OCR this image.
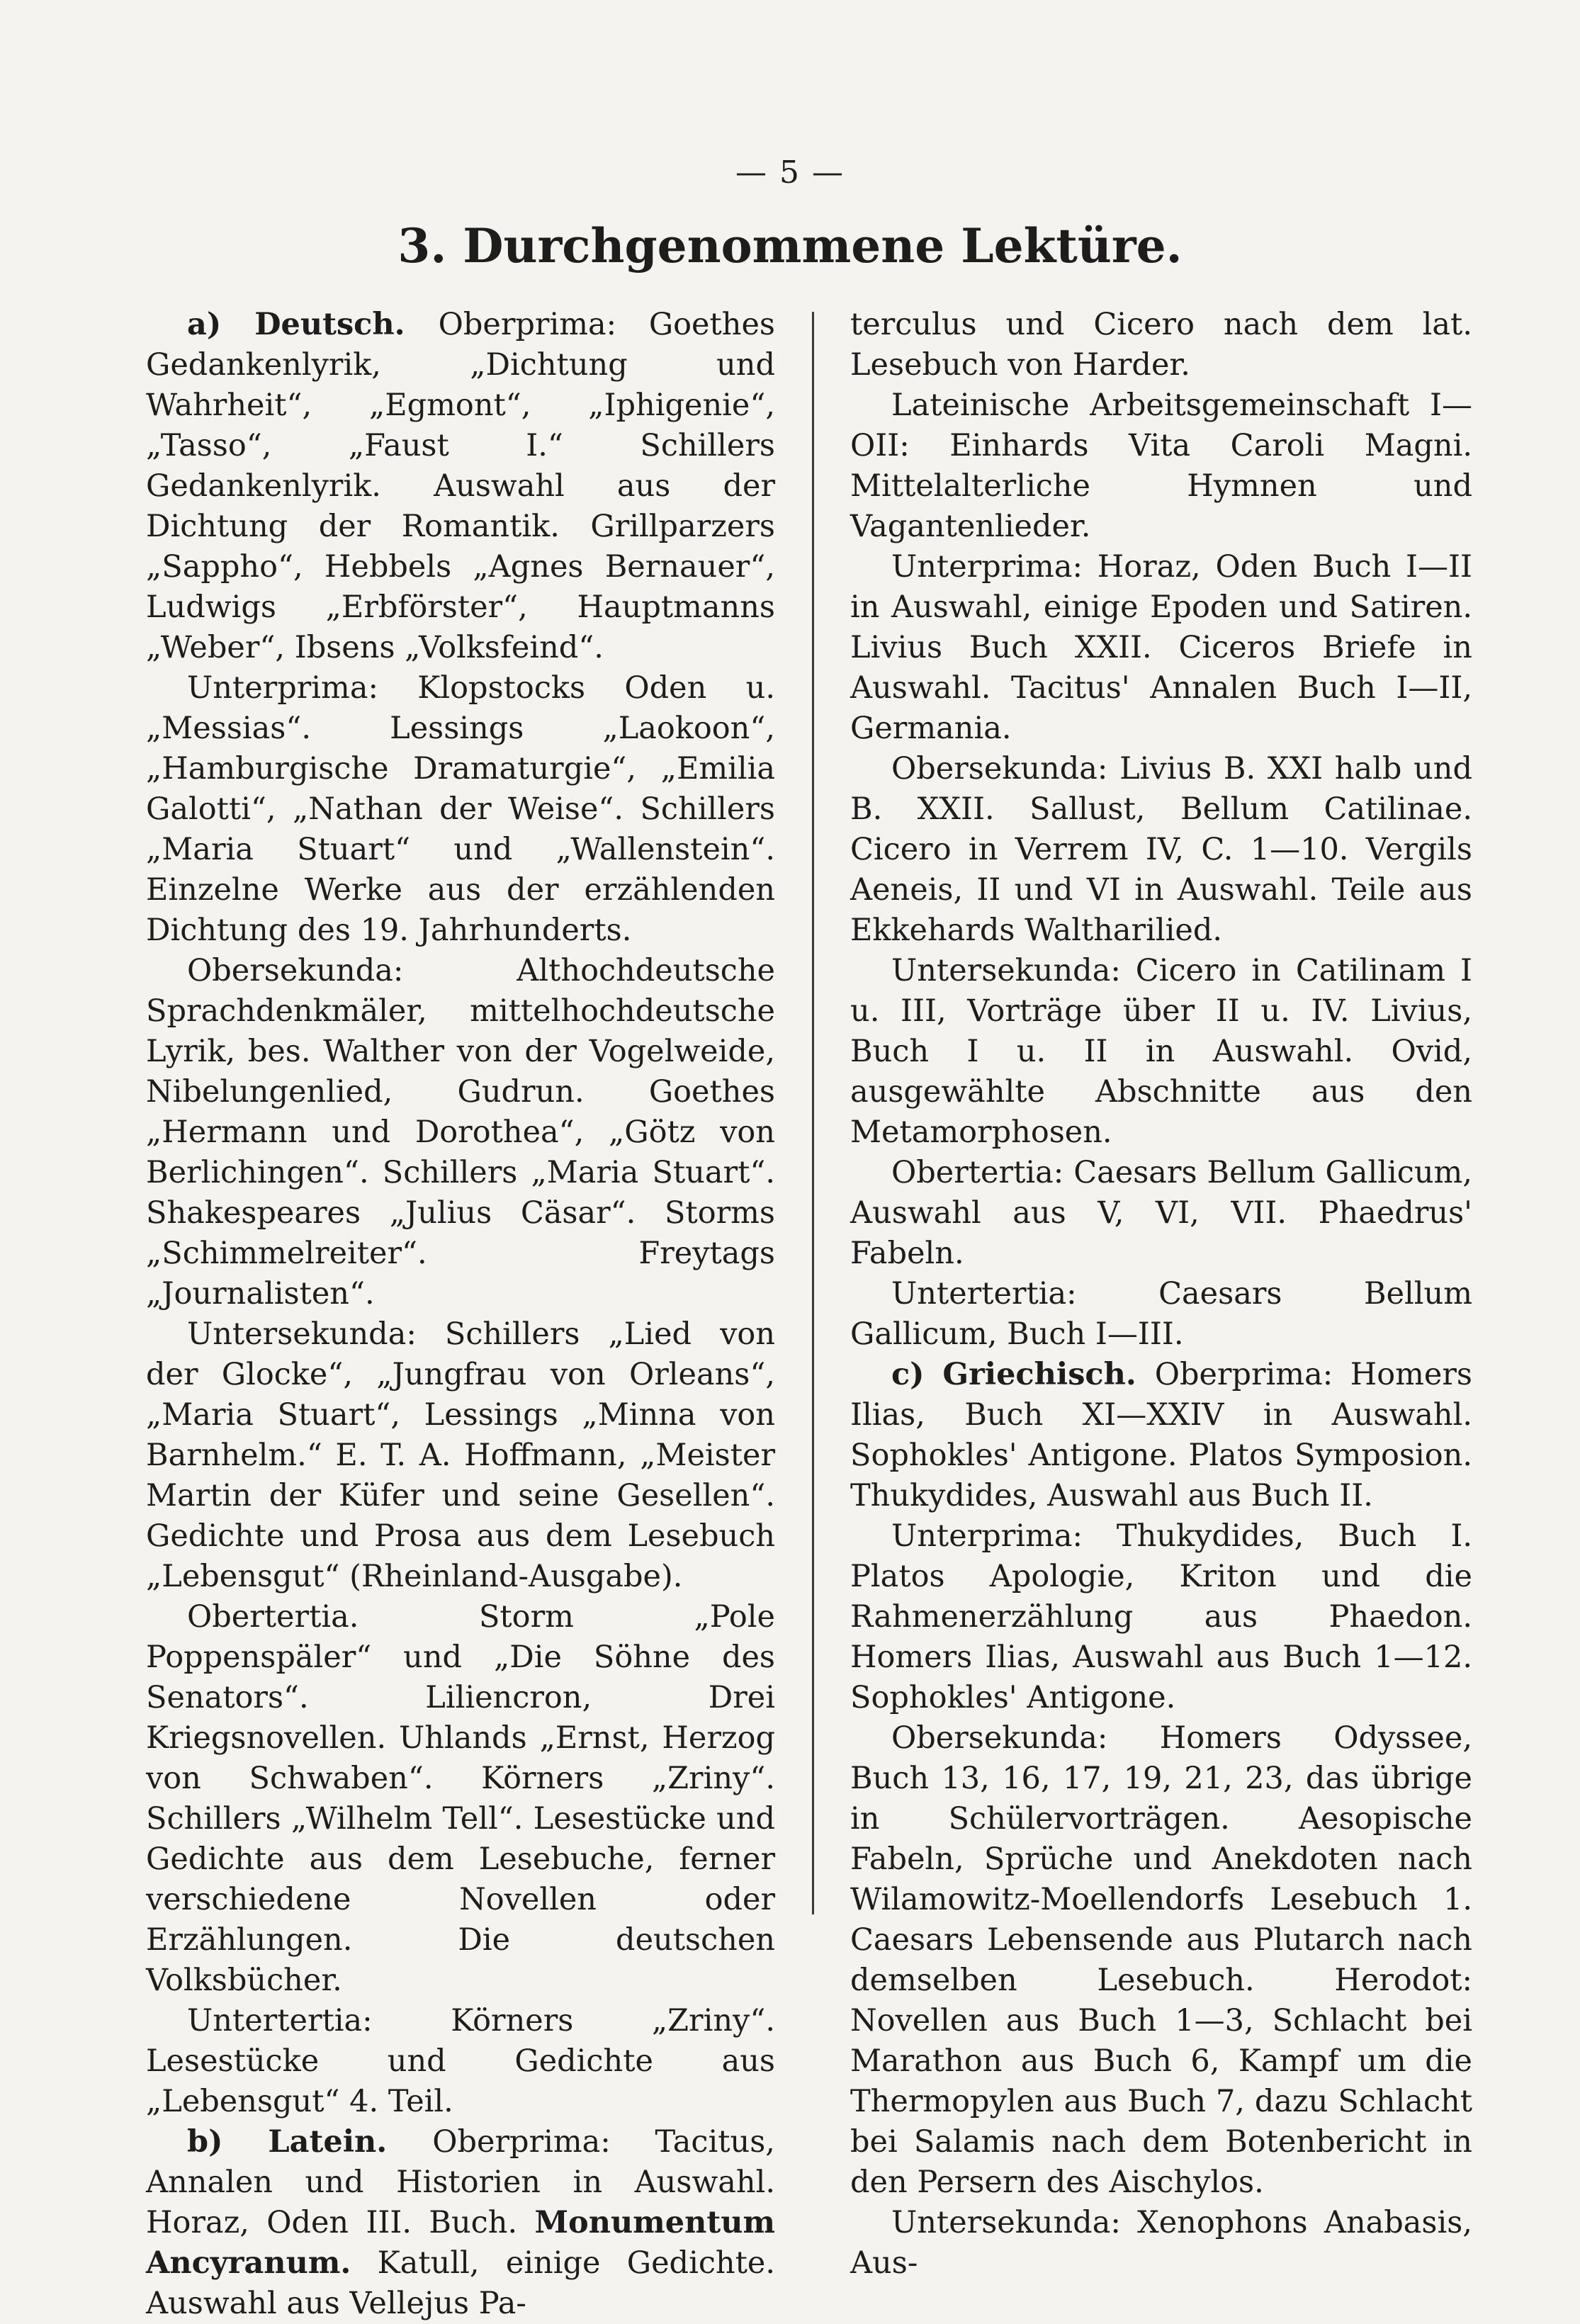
— 5 —
3. Durchgenommene Lektüre.

a) Deutsch. Oberprima: Goethes Gedankenlyrik, „Dichtung und Wahrheit“, „Egmont“, „Iphigenie“, „Tasso“, „Faust I.“ Schillers Gedankenlyrik. Auswahl aus der Dichtung der Romantik. Grillparzers „Sappho“, Hebbels „Agnes Bernauer“, Ludwigs „Erbförster“, Hauptmanns „Weber“, Ibsens „Volksfeind“.

Unterprima: Klopstocks Oden u. „Messias“. Lessings „Laokoon“, „Hamburgische Dramaturgie“, „Emilia Galotti“, „Nathan der Weise“. Schillers „Maria Stuart“ und „Wallenstein“. Einzelne Werke aus der erzählenden Dichtung des 19. Jahrhunderts.

Obersekunda: Althochdeutsche Sprachdenkmäler, mittelhochdeutsche Lyrik, bes. Walther von der Vogelweide, Nibelungenlied, Gudrun. Goethes „Hermann und Dorothea“, „Götz von Berlichingen“. Schillers „Maria Stuart“. Shakespeares „Julius Cäsar“. Storms „Schimmelreiter“. Freytags „Journalisten“.

Untersekunda: Schillers „Lied von der Glocke“, „Jungfrau von Orleans“, „Maria Stuart“, Lessings „Minna von Barnhelm.“ E. T. A. Hoffmann, „Meister Martin der Küfer und seine Gesellen“. Gedichte und Prosa aus dem Lesebuch „Lebensgut“ (Rheinland-Ausgabe).

Obertertia. Storm „Pole Poppenspäler“ und „Die Söhne des Senators“. Liliencron, Drei Kriegsnovellen. Uhlands „Ernst, Herzog von Schwaben“. Körners „Zriny“. Schillers „Wilhelm Tell“. Lesestücke und Gedichte aus dem Lesebuche, ferner verschiedene Novellen oder Erzählungen. Die deutschen Volksbücher.

Untertertia: Körners „Zriny“. Lesestücke und Gedichte aus „Lebensgut“ 4. Teil.

b) Latein. Oberprima: Tacitus, Annalen und Historien in Auswahl. Horaz, Oden III. Buch. Monumentum Ancyranum. Katull, einige Gedichte. Auswahl aus Vellejus Pa-

terculus und Cicero nach dem lat. Lesebuch von Harder.

Lateinische Arbeitsgemeinschaft I—OII: Einhards Vita Caroli Magni. Mittelalterliche Hymnen und Vagantenlieder.

Unterprima: Horaz, Oden Buch I—II in Auswahl, einige Epoden und Satiren. Livius Buch XXII. Ciceros Briefe in Auswahl. Tacitus' Annalen Buch I—II, Germania.

Obersekunda: Livius B. XXI halb und B. XXII. Sallust, Bellum Catilinae. Cicero in Verrem IV, C. 1—10. Vergils Aeneis, II und VI in Auswahl. Teile aus Ekkehards Waltharilied.

Untersekunda: Cicero in Catilinam I u. III, Vorträge über II u. IV. Livius, Buch I u. II in Auswahl. Ovid, ausgewählte Abschnitte aus den Metamorphosen.

Obertertia: Caesars Bellum Gallicum, Auswahl aus V, VI, VII. Phaedrus' Fabeln.

Untertertia: Caesars	Bellum Gallicum, Buch I—III.

c) Griechisch. Oberprima: Homers Ilias, Buch XI—XXIV in Auswahl. Sophokles' Antigone. Platos Symposion. Thukydides, Auswahl aus Buch II.

Unterprima: Thukydides, Buch I. Platos Apologie, Kriton und die Rahmenerzählung aus Phaedon. Homers Ilias, Auswahl aus Buch 1—12. Sophokles' Antigone.

Obersekunda: Homers Odyssee, Buch 13, 16, 17, 19, 21, 23, das übrige in Schülervorträgen. Aesopische Fabeln, Sprüche und Anekdoten nach Wilamowitz-Moellendorfs Lesebuch 1. Caesars Lebensende aus Plutarch nach demselben Lesebuch. Herodot: Novellen aus Buch 1—3, Schlacht bei Marathon aus Buch 6, Kampf um die Thermopylen aus Buch 7, dazu Schlacht bei Salamis nach dem Botenbericht in den Persern des Aischylos.

Untersekunda: Xenophons Anabasis, Aus-
